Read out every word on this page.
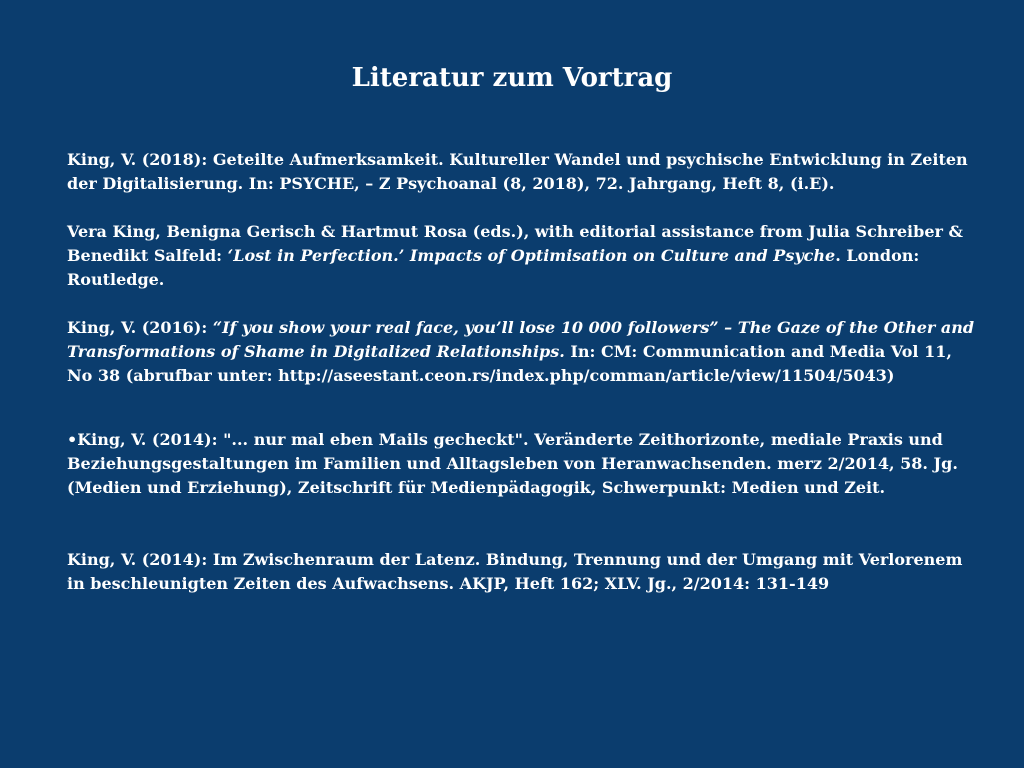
Literatur zum Vortrag

King, V. (2018): Geteilte Aufmerksamkeit. Kultureller Wandel und psychische Entwicklung in Zeiten der Digitalisierung. In: PSYCHE, – Z Psychoanal (8, 2018), 72. Jahrgang, Heft 8, (i.E).

Vera King, Benigna Gerisch & Hartmut Rosa (eds.), with editorial assistance from Julia Schreiber & Benedikt Salfeld: ‘Lost in Perfection.’ Impacts of Optimisation on Culture and Psyche. London: Routledge.

King, V. (2016): “If you show your real face, you’ll lose 10 000 followers” – The Gaze of the Other and Transformations of Shame in Digitalized Relationships. In: CM: Communication and Media Vol 11, No 38 (abrufbar unter: http://aseestant.ceon.rs/index.php/comman/article/view/11504/5043)

•King, V. (2014): "... nur mal eben Mails gecheckt". Veränderte Zeithorizonte, mediale Praxis und Beziehungsgestaltungen im Familien und Alltagsleben von Heranwachsenden. merz 2/2014, 58. Jg. (Medien und Erziehung), Zeitschrift für Medienpädagogik, Schwerpunkt: Medien und Zeit.

King, V. (2014): Im Zwischenraum der Latenz. Bindung, Trennung und der Umgang mit Verlorenem in beschleunigten Zeiten des Aufwachsens. AKJP, Heft 162; XLV. Jg., 2/2014: 131-149
